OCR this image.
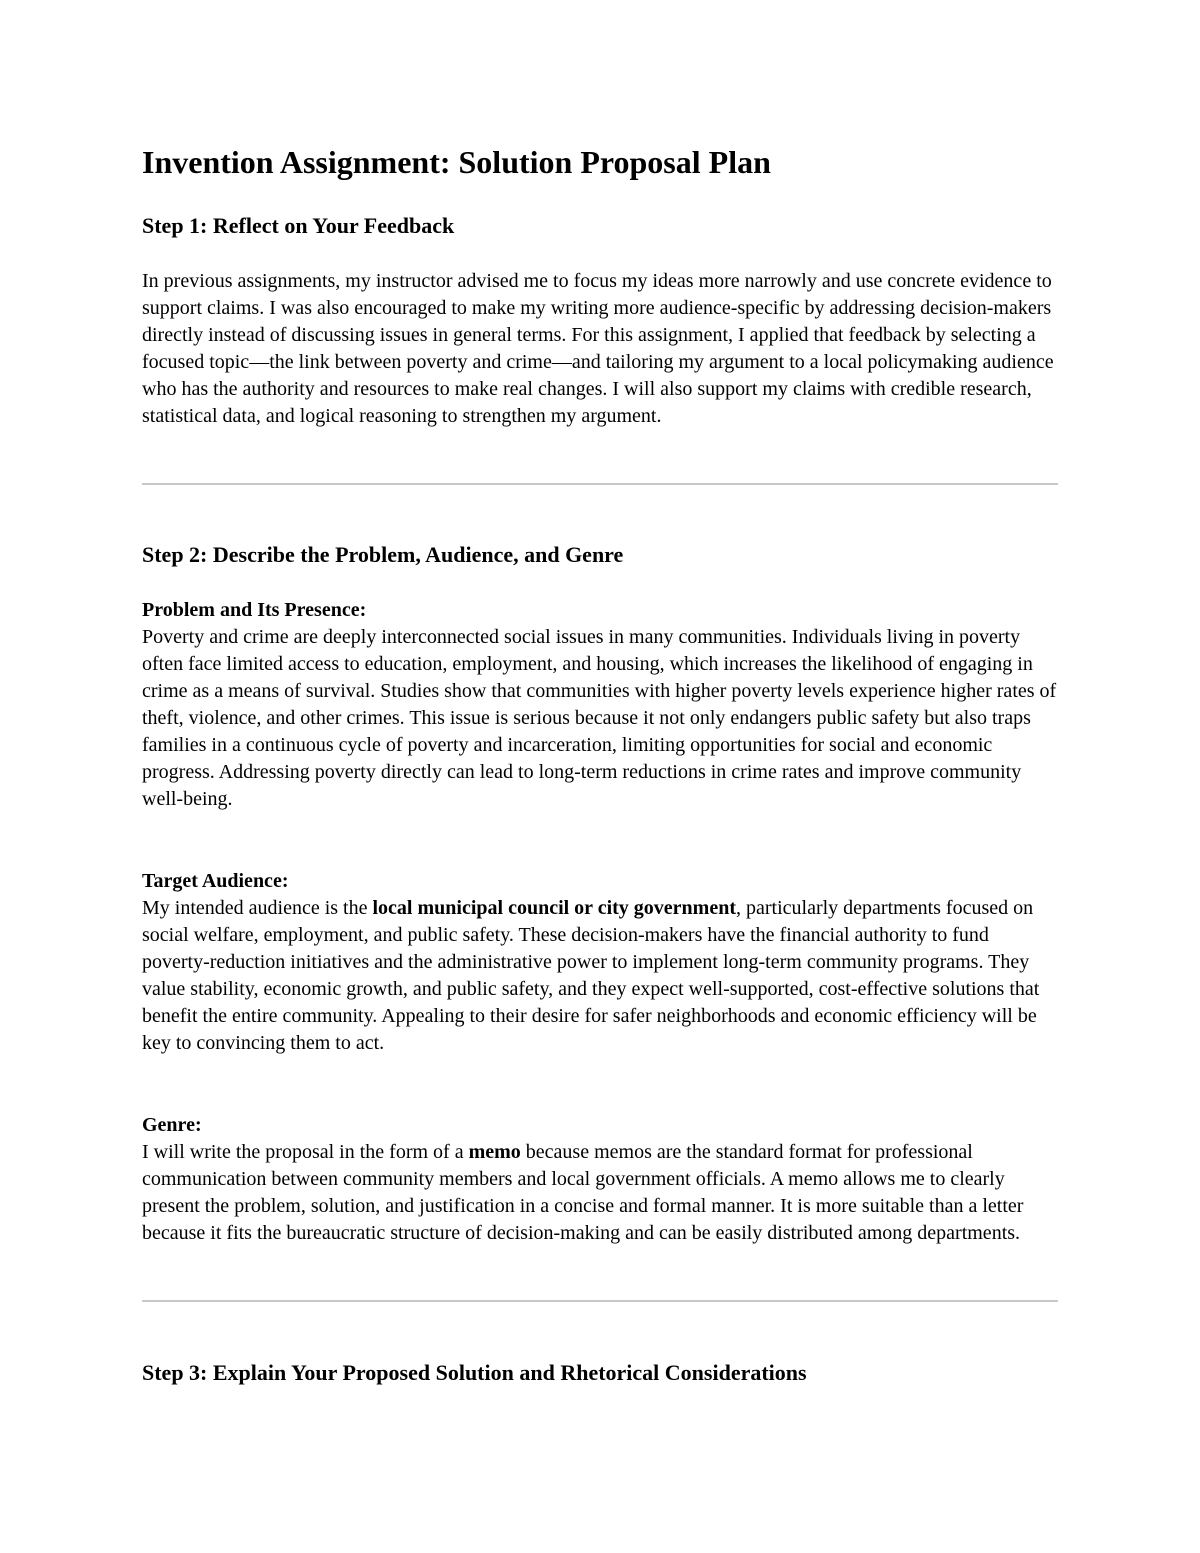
Invention Assignment: Solution Proposal Plan
Step 1: Reflect on Your Feedback

In previous assignments, my instructor advised me to focus my ideas more narrowly and use concrete evidence to support claims. I was also encouraged to make my writing more audience-specific by addressing decision-makers directly instead of discussing issues in general terms. For this assignment, I applied that feedback by selecting a focused topic—the link between poverty and crime—and tailoring my argument to a local policymaking audience who has the authority and resources to make real changes. I will also support my claims with credible research, statistical data, and logical reasoning to strengthen my argument.

Step 2: Describe the Problem, Audience, and Genre
Problem and Its Presence:
Poverty and crime are deeply interconnected social issues in many communities. Individuals living in poverty often face limited access to education, employment, and housing, which increases the likelihood of engaging in crime as a means of survival. Studies show that communities with higher poverty levels experience higher rates of theft, violence, and other crimes. This issue is serious because it not only endangers public safety but also traps families in a continuous cycle of poverty and incarceration, limiting opportunities for social and economic progress. Addressing poverty directly can lead to long-term reductions in crime rates and improve community well-being.
Target Audience:
My intended audience is the local municipal council or city government, particularly departments focused on social welfare, employment, and public safety. These decision-makers have the financial authority to fund poverty-reduction initiatives and the administrative power to implement long-term community programs. They value stability, economic growth, and public safety, and they expect well-supported, cost-effective solutions that benefit the entire community. Appealing to their desire for safer neighborhoods and economic efficiency will be key to convincing them to act.
Genre:
I will write the proposal in the form of a memo because memos are the standard format for professional communication between community members and local government officials. A memo allows me to clearly present the problem, solution, and justification in a concise and formal manner. It is more suitable than a letter because it fits the bureaucratic structure of decision-making and can be easily distributed among departments.
Step 3: Explain Your Proposed Solution and Rhetorical Considerations
